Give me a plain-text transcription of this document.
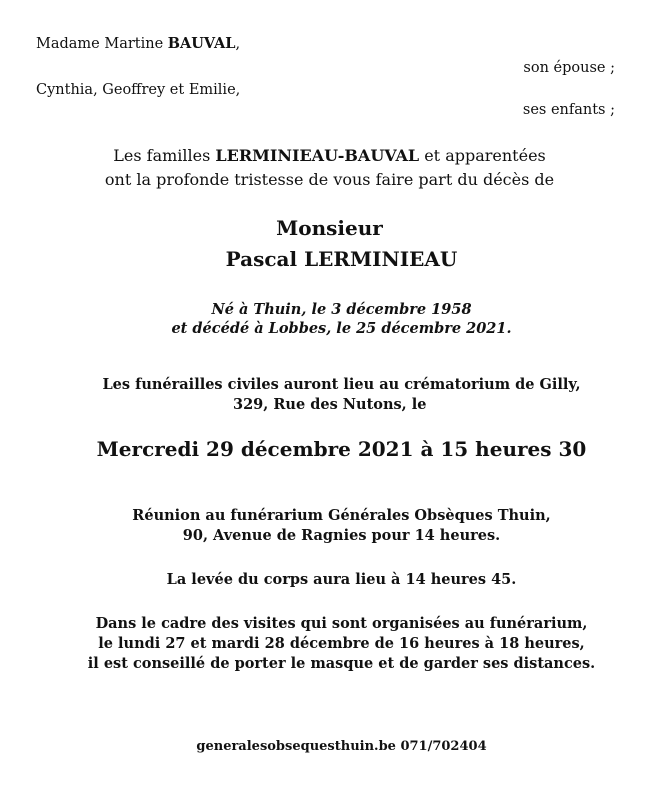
Madame Martine BAUVAL,
son épouse ;
Cynthia, Geoffrey et Emilie,
ses enfants ;
Les familles LERMINIEAU-BAUVAL et apparentées
ont la profonde tristesse de vous faire part du décès de
Monsieur
Pascal LERMINIEAU
Né à Thuin, le 3 décembre 1958
et décédé à Lobbes, le 25 décembre 2021.
Les funérailles civiles auront lieu au crématorium de Gilly,
329, Rue des Nutons, le
Mercredi 29 décembre 2021 à 15 heures 30
Réunion au funérarium Générales Obsèques Thuin,
90, Avenue de Ragnies pour 14 heures.
La levée du corps aura lieu à 14 heures 45.
Dans le cadre des visites qui sont organisées au funérarium,
le lundi 27 et mardi 28 décembre de 16 heures à 18 heures,
il est conseillé de porter le masque et de garder ses distances.
generalesobsequesthuin.be 071/702404
